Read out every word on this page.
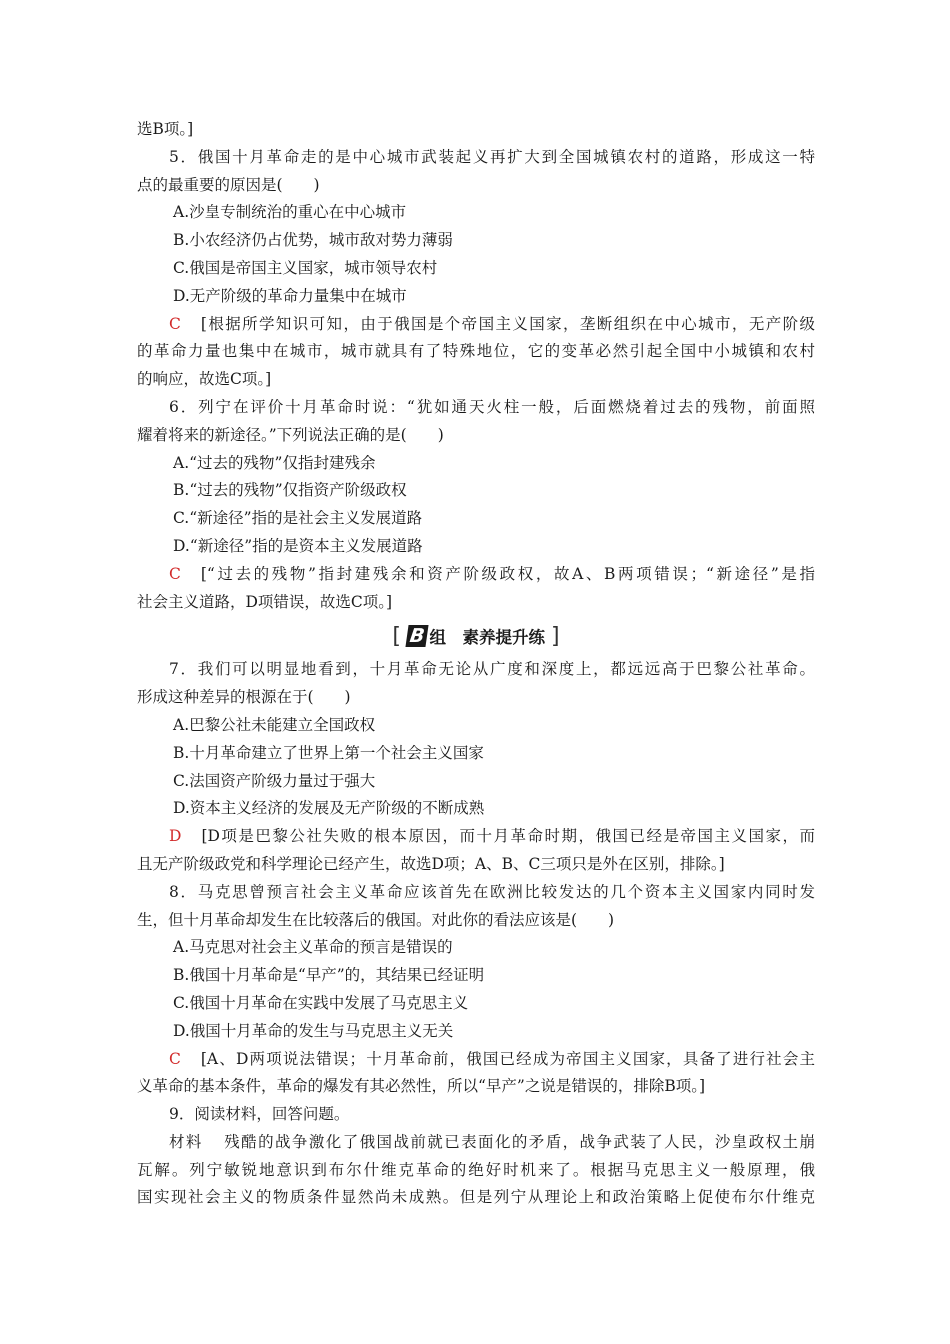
选B项。]
5．俄国十月革命走的是中心城市武装起义再扩大到全国城镇农村的道路，形成这一特
点的最重要的原因是(　　)
A.沙皇专制统治的重心在中心城市
B.小农经济仍占优势，城市敌对势力薄弱
C.俄国是帝国主义国家，城市领导农村
D.无产阶级的革命力量集中在城市
C [根据所学知识可知，由于俄国是个帝国主义国家，垄断组织在中心城市，无产阶级
的革命力量也集中在城市，城市就具有了特殊地位，它的变革必然引起全国中小城镇和农村
的响应，故选C项。]
6．列宁在评价十月革命时说：“犹如通天火柱一般，后面燃烧着过去的残物，前面照
耀着将来的新途径。”下列说法正确的是(　　)
A.“过去的残物”仅指封建残余
B.“过去的残物”仅指资产阶级政权
C.“新途径”指的是社会主义发展道路
D.“新途径”指的是资本主义发展道路
C [“过去的残物”指封建残余和资产阶级政权，故A、B两项错误；“新途径”是指
社会主义道路，D项错误，故选C项。]
[ B 组　素养提升练 ]
7．我们可以明显地看到，十月革命无论从广度和深度上，都远远高于巴黎公社革命。
形成这种差异的根源在于(　　)
A.巴黎公社未能建立全国政权
B.十月革命建立了世界上第一个社会主义国家
C.法国资产阶级力量过于强大
D.资本主义经济的发展及无产阶级的不断成熟
D [D项是巴黎公社失败的根本原因，而十月革命时期，俄国已经是帝国主义国家，而
且无产阶级政党和科学理论已经产生，故选D项；A、B、C三项只是外在区别，排除。]
8．马克思曾预言社会主义革命应该首先在欧洲比较发达的几个资本主义国家内同时发
生，但十月革命却发生在比较落后的俄国。对此你的看法应该是(　　)
A.马克思对社会主义革命的预言是错误的
B.俄国十月革命是“早产”的，其结果已经证明
C.俄国十月革命在实践中发展了马克思主义
D.俄国十月革命的发生与马克思主义无关
C [A、D两项说法错误；十月革命前，俄国已经成为帝国主义国家，具备了进行社会主
义革命的基本条件，革命的爆发有其必然性，所以“早产”之说是错误的，排除B项。]
9．阅读材料，回答问题。
材料 残酷的战争激化了俄国战前就已表面化的矛盾，战争武装了人民，沙皇政权土崩
瓦解。列宁敏锐地意识到布尔什维克革命的绝好时机来了。根据马克思主义一般原理，俄
国实现社会主义的物质条件显然尚未成熟。但是列宁从理论上和政治策略上促使布尔什维克
